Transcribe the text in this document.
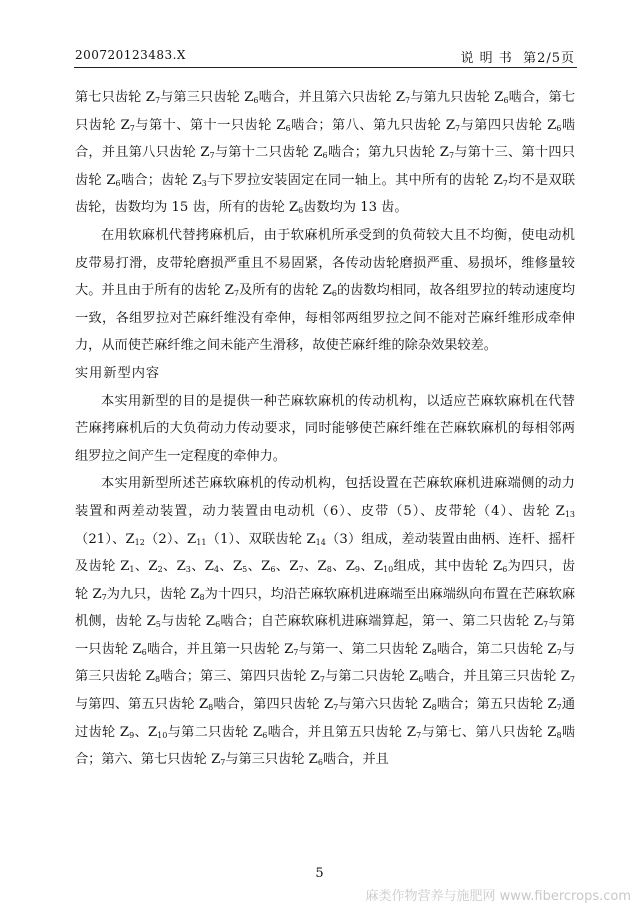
200720123483.X	说 明 书 第2/5页

第七只齿轮 $Z_7$与第三只齿轮 $Z_6$啮合，并且第六只齿轮 $Z_7$与第九只齿轮 $Z_6$啮合，第七只齿轮 $Z_7$与第十、第十一只齿轮 $Z_6$啮合；第八、第九只齿轮 $Z_7$与第四只齿轮 $Z_6$啮合，并且第八只齿轮 $Z_7$与第十二只齿轮 $Z_6$啮合；第九只齿轮 $Z_7$与第十三、第十四只齿轮 $Z_6$啮合；齿轮 $Z_3$与下罗拉安装固定在同一轴上。其中所有的齿轮 $Z_7$均不是双联齿轮，齿数均为 15 齿，所有的齿轮 $Z_6$齿数均为 13 齿。

在用软麻机代替拷麻机后，由于软麻机所承受到的负荷较大且不均衡，使电动机皮带易打滑，皮带轮磨损严重且不易固紧，各传动齿轮磨损严重、易损坏，维修量较大。并且由于所有的齿轮 $Z_7$及所有的齿轮 $Z_6$的齿数均相同，故各组罗拉的转动速度均一致，各组罗拉对芒麻纤维没有牵伸，每相邻两组罗拉之间不能对芒麻纤维形成牵伸力，从而使芒麻纤维之间未能产生滑移，故使芒麻纤维的除杂效果较差。

实用新型内容

本实用新型的目的是提供一种芒麻软麻机的传动机构，以适应芒麻软麻机在代替芒麻拷麻机后的大负荷动力传动要求，同时能够使芒麻纤维在芒麻软麻机的每相邻两组罗拉之间产生一定程度的牵伸力。

本实用新型所述芒麻软麻机的传动机构，包括设置在芒麻软麻机进麻端侧的动力装置和两差动装置，动力装置由电动机（6）、皮带（5）、皮带轮（4）、齿轮 $Z_{13}(21)$、$Z_{12}(2)$、$Z_{11}(1)$、双联齿轮 $Z_{14}(3)$组成，差动装置由曲柄、连杆、摇杆及齿轮 $Z_1$、$Z_2$、$Z_3$、$Z_4$、$Z_5$、$Z_6$、$Z_7$、$Z_8$、$Z_9$、$Z_{10}$组成，其中齿轮 $Z_6$为四只，齿轮 $Z_7$为九只，齿轮 $Z_8$为十四只，均沿芒麻软麻机进麻端至出麻端纵向布置在芒麻软麻机侧，齿轮 $Z_5$与齿轮 $Z_6$啮合；自芒麻软麻机进麻端算起，第一、第二只齿轮 $Z_7$与第一只齿轮 $Z_6$啮合，并且第一只齿轮 $Z_7$与第一、第二只齿轮 $Z_8$啮合，第二只齿轮 $Z_7$与第三只齿轮 $Z_8$啮合；第三、第四只齿轮 $Z_7$与第二只齿轮 $Z_6$啮合，并且第三只齿轮 $Z_7$与第四、第五只齿轮 $Z_8$啮合，第四只齿轮 $Z_7$与第六只齿轮 $Z_8$啮合；第五只齿轮 $Z_7$通过齿轮 $Z_9$、$Z_{10}$与第二只齿轮 $Z_6$啮合，并且第五只齿轮 $Z_7$与第七、第八只齿轮 $Z_8$啮合；第六、第七只齿轮 $Z_7$与第三只齿轮 $Z_6$啮合，并且

5
麻类作物营养与施肥网 www.fibercrops.com
